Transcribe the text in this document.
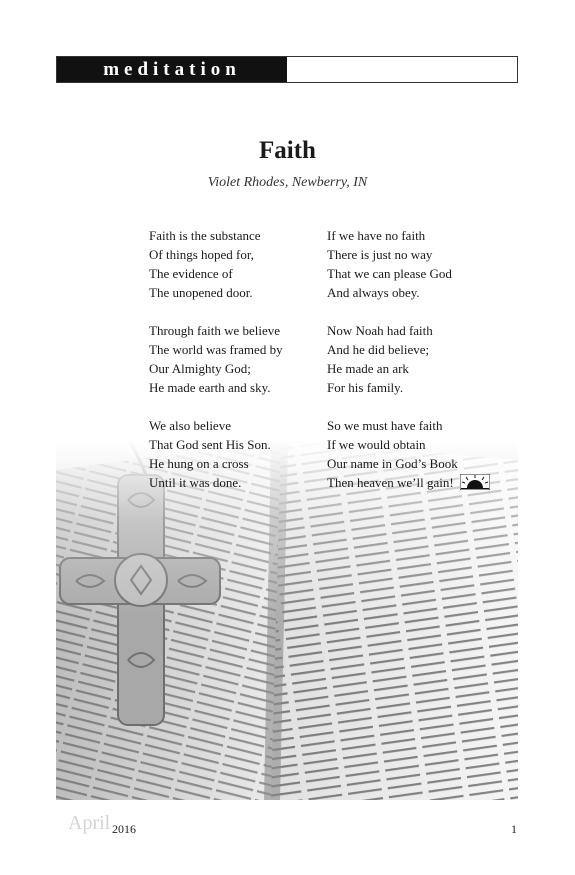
meditation
Faith
Violet Rhodes, Newberry, IN
Faith is the substance
Of things hoped for,
The evidence of
The unopened door.
Through faith we believe
The world was framed by
Our Almighty God;
He made earth and sky.
We also believe
That God sent His Son.
He hung on a cross
Until it was done.
If we have no faith
There is just no way
That we can please God
And always obey.
Now Noah had faith
And he did believe;
He made an ark
For his family.
So we must have faith
If we would obtain
Our name in God’s Book
Then heaven we’ll gain!
April 2016	1
